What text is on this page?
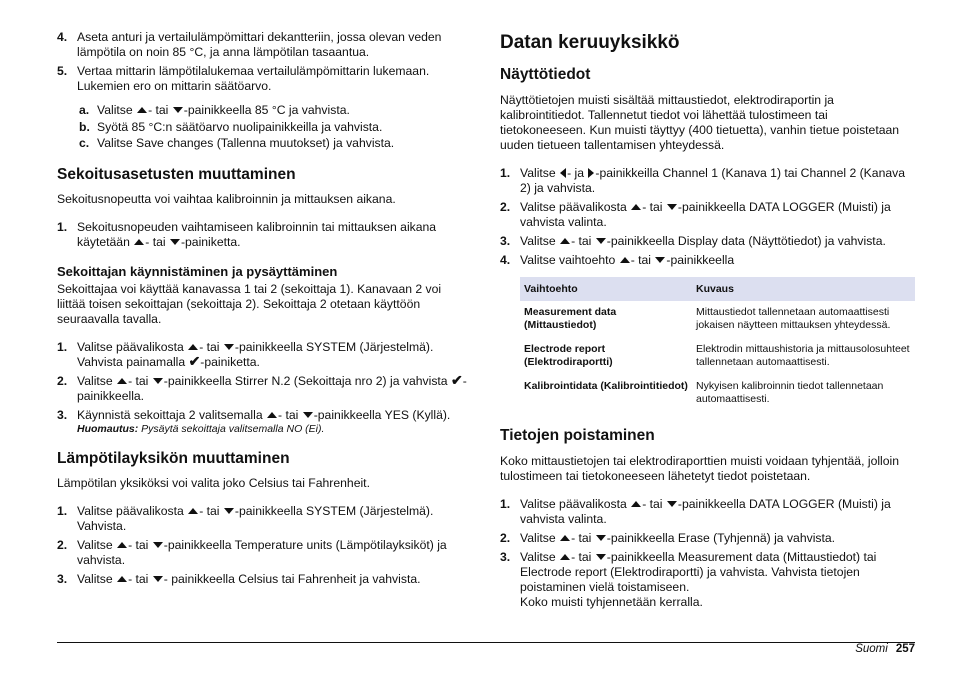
4. Aseta anturi ja vertailulämpömittari dekantteriin, jossa olevan veden lämpötila on noin 85 °C, ja anna lämpötilan tasaantua.
5. Vertaa mittarin lämpötilalukemaa vertailulämpömittarin lukemaan. Lukemien ero on mittarin säätöarvo.
a. Valitse - tai -painikkeella 85 °C ja vahvista.
b. Syötä 85 °C:n säätöarvo nuolipainikkeilla ja vahvista.
c. Valitse Save changes (Tallenna muutokset) ja vahvista.
Sekoitusasetusten muuttaminen

Sekoitusnopeutta voi vaihtaa kalibroinnin ja mittauksen aikana.

1. Sekoitusnopeuden vaihtamiseen kalibroinnin tai mittauksen aikana käytetään - tai -painiketta.
Sekoittajan käynnistäminen ja pysäyttäminen

Sekoittajaa voi käyttää kanavassa 1 tai 2 (sekoittaja 1). Kanavaan 2 voi liittää toisen sekoittajan (sekoittaja 2). Sekoittaja 2 otetaan käyttöön seuraavalla tavalla.

1. Valitse päävalikosta - tai -painikkeella SYSTEM (Järjestelmä). Vahvista painamalla ✔-painiketta.
2. Valitse - tai -painikkeella Stirrer N.2 (Sekoittaja nro 2) ja vahvista ✔-painikkeella.
3. Käynnistä sekoittaja 2 valitsemalla - tai -painikkeella YES (Kyllä).
Huomautus: Pysäytä sekoittaja valitsemalla NO (Ei).
Lämpötilayksikön muuttaminen

Lämpötilan yksiköksi voi valita joko Celsius tai Fahrenheit.

1. Valitse päävalikosta - tai -painikkeella SYSTEM (Järjestelmä). Vahvista.
2. Valitse - tai -painikkeella Temperature units (Lämpötilayksiköt) ja vahvista.
3. Valitse - tai - painikkeella Celsius tai Fahrenheit ja vahvista.
Datan keruuyksikkö
Näyttötiedot

Näyttötietojen muisti sisältää mittaustiedot, elektrodiraportin ja kalibrointitiedot. Tallennetut tiedot voi lähettää tulostimeen tai tietokoneeseen. Kun muisti täyttyy (400 tietuetta), vanhin tietue poistetaan uuden tietueen tallentamisen yhteydessä.

1. Valitse - ja -painikkeilla Channel 1 (Kanava 1) tai Channel 2 (Kanava 2) ja vahvista.
2. Valitse päävalikosta - tai -painikkeella DATA LOGGER (Muisti) ja vahvista valinta.
3. Valitse - tai -painikkeella Display data (Näyttötiedot) ja vahvista.
4. Valitse vaihtoehto - tai -painikkeella
Vaihtoehto	Kuvaus
Measurement data (Mittaustiedot)	Mittaustiedot tallennetaan automaattisesti jokaisen näytteen mittauksen yhteydessä.
Electrode report (Elektrodiraportti)	Elektrodin mittaushistoria ja mittausolosuhteet tallennetaan automaattisesti.
Kalibrointidata (Kalibrointitiedot)	Nykyisen kalibroinnin tiedot tallennetaan automaattisesti.
Tietojen poistaminen

Koko mittaustietojen tai elektrodiraporttien muisti voidaan tyhjentää, jolloin tulostimeen tai tietokoneeseen lähetetyt tiedot poistetaan.

1. Valitse päävalikosta - tai -painikkeella DATA LOGGER (Muisti) ja vahvista valinta.
2. Valitse - tai -painikkeella Erase (Tyhjennä) ja vahvista.
3. Valitse - tai -painikkeella Measurement data (Mittaustiedot) tai Electrode report (Elektrodiraportti) ja vahvista. Vahvista tietojen poistaminen vielä toistamiseen.
Koko muisti tyhjennetään kerralla.
Suomi 257
